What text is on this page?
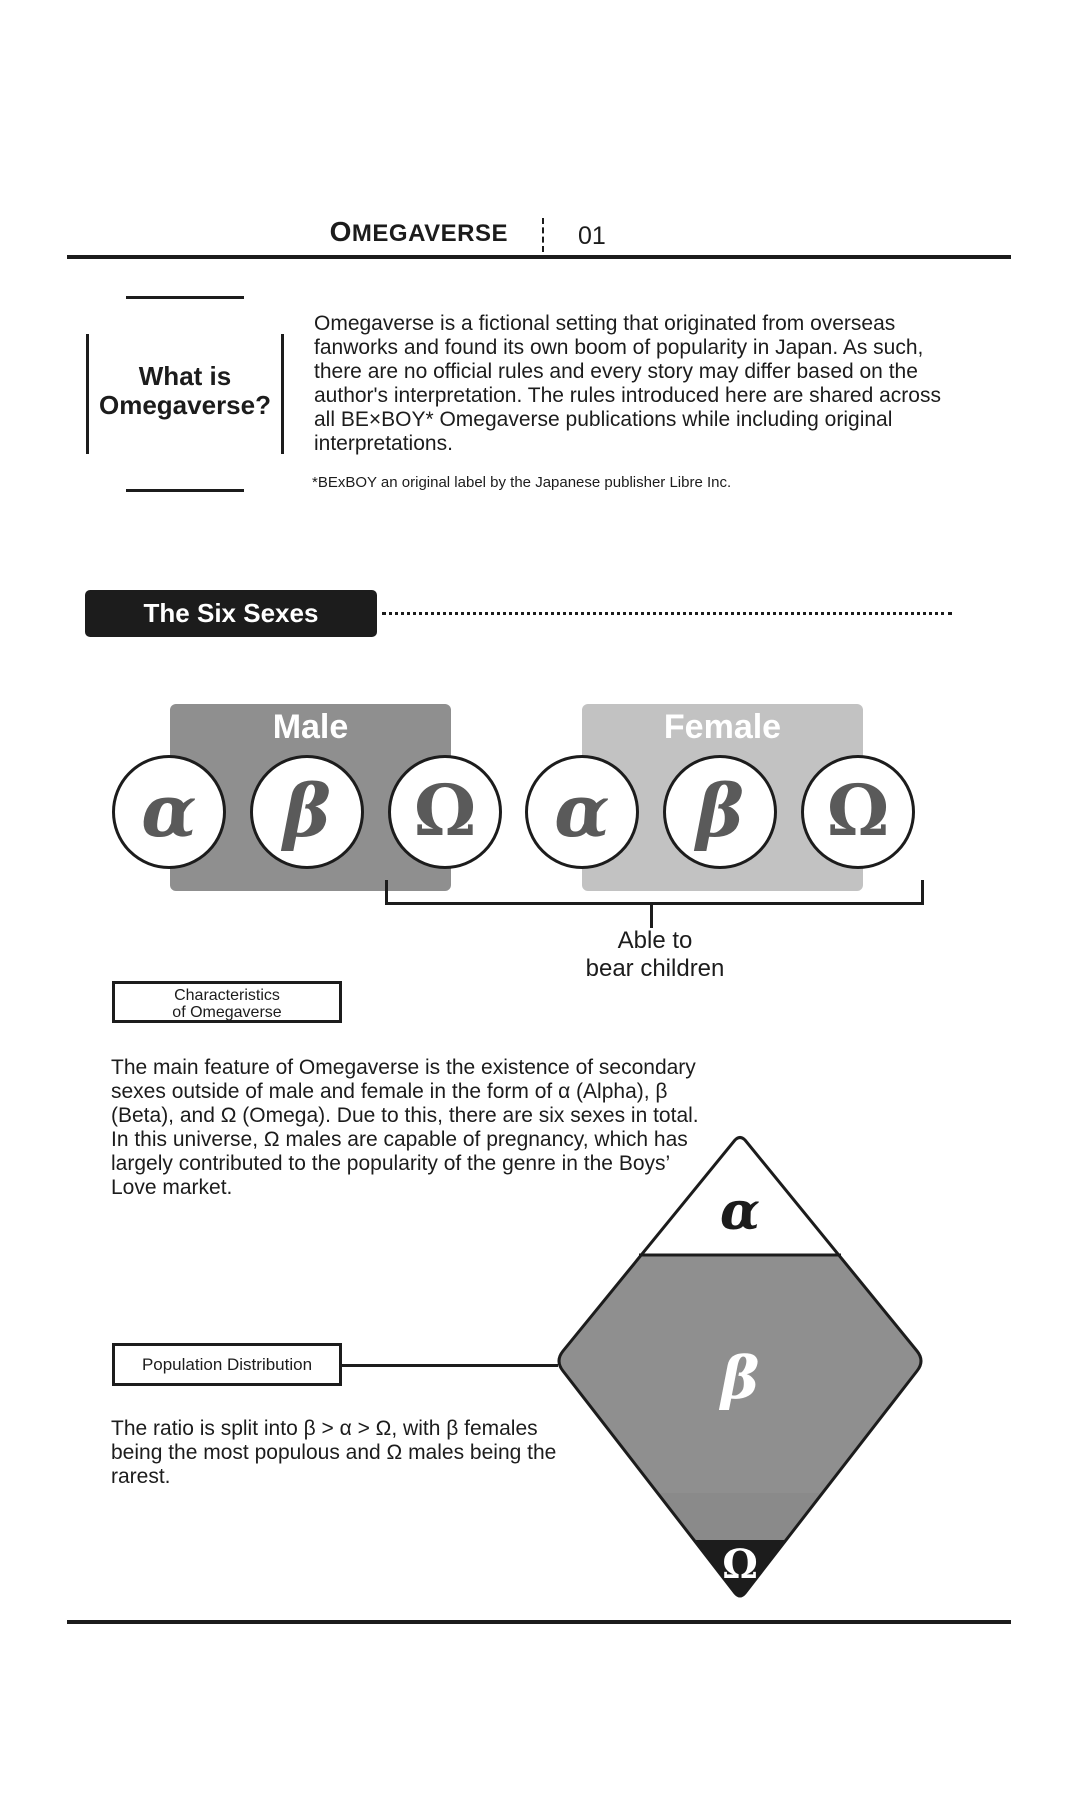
OMEGAVERSE	01
What is
Omegaverse?
Omegaverse is a fictional setting that originated from overseas fanworks and found its own boom of popularity in Japan. As such, there are no official rules and every story may differ based on the author's interpretation. The rules introduced here are shared across all BE×BOY* Omegaverse publications while including original interpretations.
*BExBOY an original label by the Japanese publisher Libre Inc.
The Six Sexes
Male	Female
α	β	Ω	α	β	Ω
Able to
bear children
Characteristics
of Omegaverse
The main feature of Omegaverse is the existence of secondary sexes outside of male and female in the form of α (Alpha), β (Beta), and Ω (Omega). Due to this, there are six sexes in total. In this universe, Ω males are capable of pregnancy, which has largely contributed to the popularity of the genre in the Boys’ Love market.
Population Distribution
The ratio is split into β > α > Ω, with β females being the most populous and Ω males being the rarest.
α
β
Ω
